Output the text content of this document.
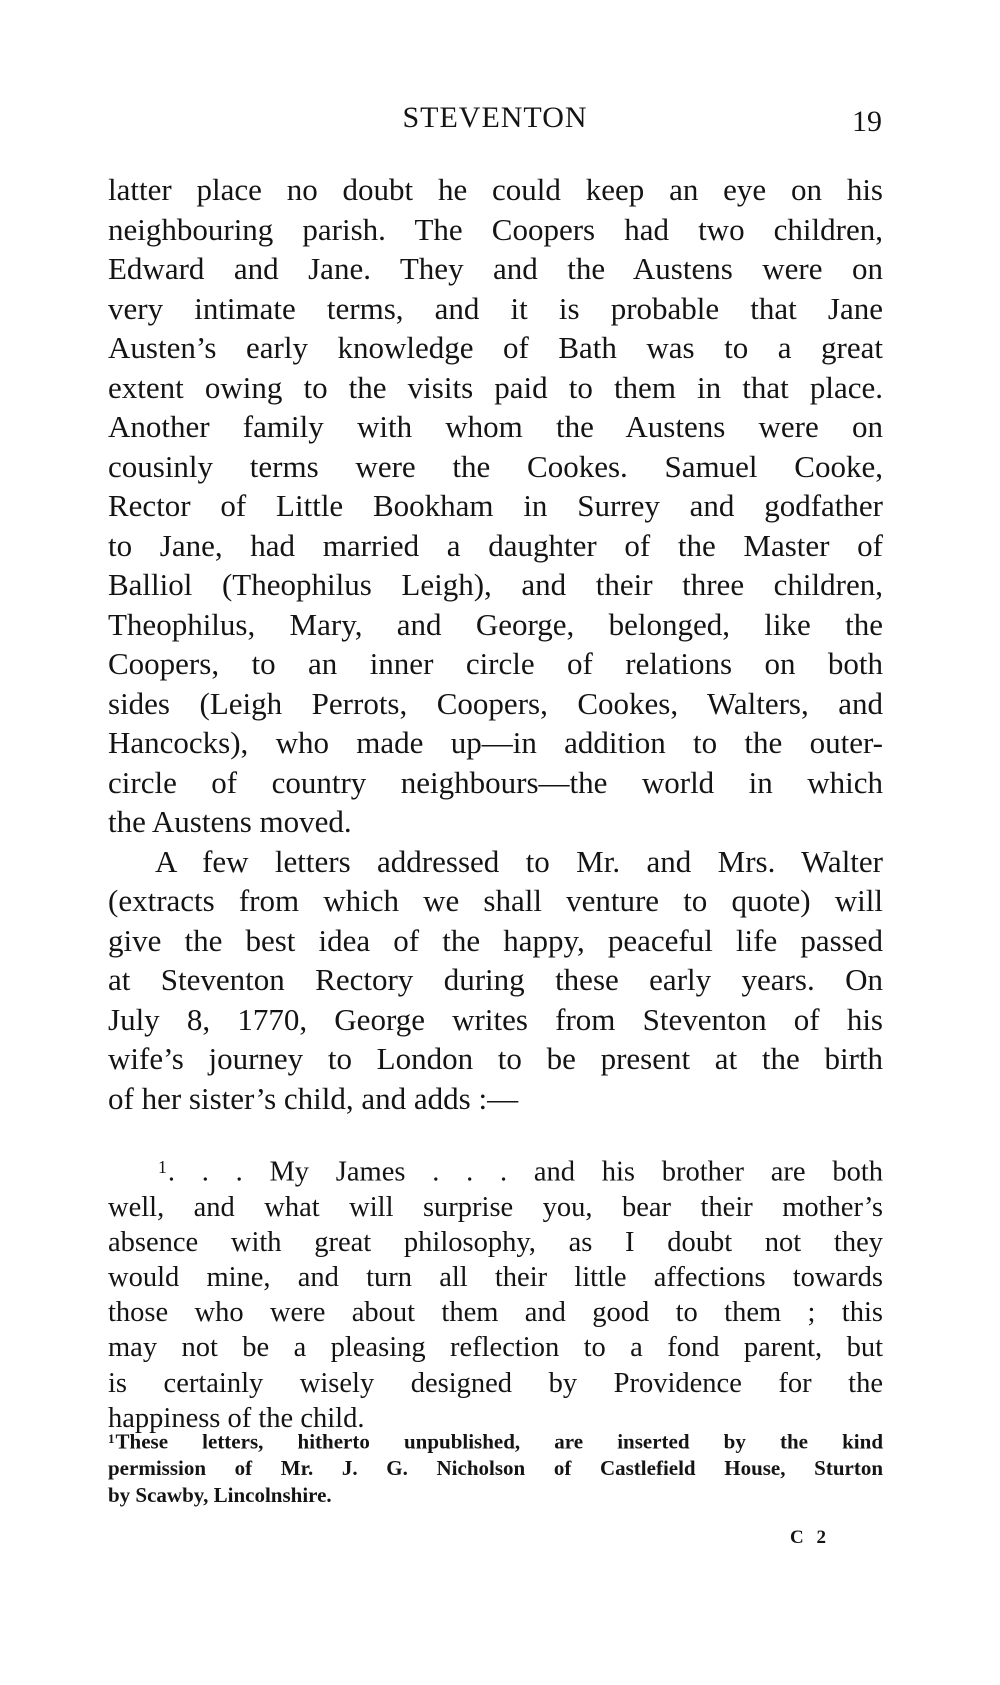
STEVENTON	19
latter place no doubt he could keep an eye on his
neighbouring parish. The Coopers had two children,
Edward and Jane. They and the Austens were on
very intimate terms, and it is probable that Jane
Austen’s early knowledge of Bath was to a great
extent owing to the visits paid to them in that place.
Another family with whom the Austens were on
cousinly terms were the Cookes. Samuel Cooke,
Rector of Little Bookham in Surrey and godfather
to Jane, had married a daughter of the Master of
Balliol (Theophilus Leigh), and their three children,
Theophilus, Mary, and George, belonged, like the
Coopers, to an inner circle of relations on both
sides (Leigh Perrots, Coopers, Cookes, Walters, and
Hancocks), who made up—in addition to the outer-
circle of country neighbours—the world in which
the Austens moved.
A few letters addressed to Mr. and Mrs. Walter
(extracts from which we shall venture to quote) will
give the best idea of the happy, peaceful life passed
at Steventon Rectory during these early years. On
July 8, 1770, George writes from Steventon of his
wife’s journey to London to be present at the birth
of her sister’s child, and adds :—
$^1$. . . My James . . . and his brother are both
well, and what will surprise you, bear their mother’s
absence with great philosophy, as I doubt not they
would mine, and turn all their little affections towards
those who were about them and good to them ; this
may not be a pleasing reflection to a fond parent, but
is certainly wisely designed by Providence for the
happiness of the child.
$^1$These letters, hitherto unpublished, are inserted by the kind
permission of Mr. J. G. Nicholson of Castlefield House, Sturton
by Scawby, Lincolnshire.
C 2
